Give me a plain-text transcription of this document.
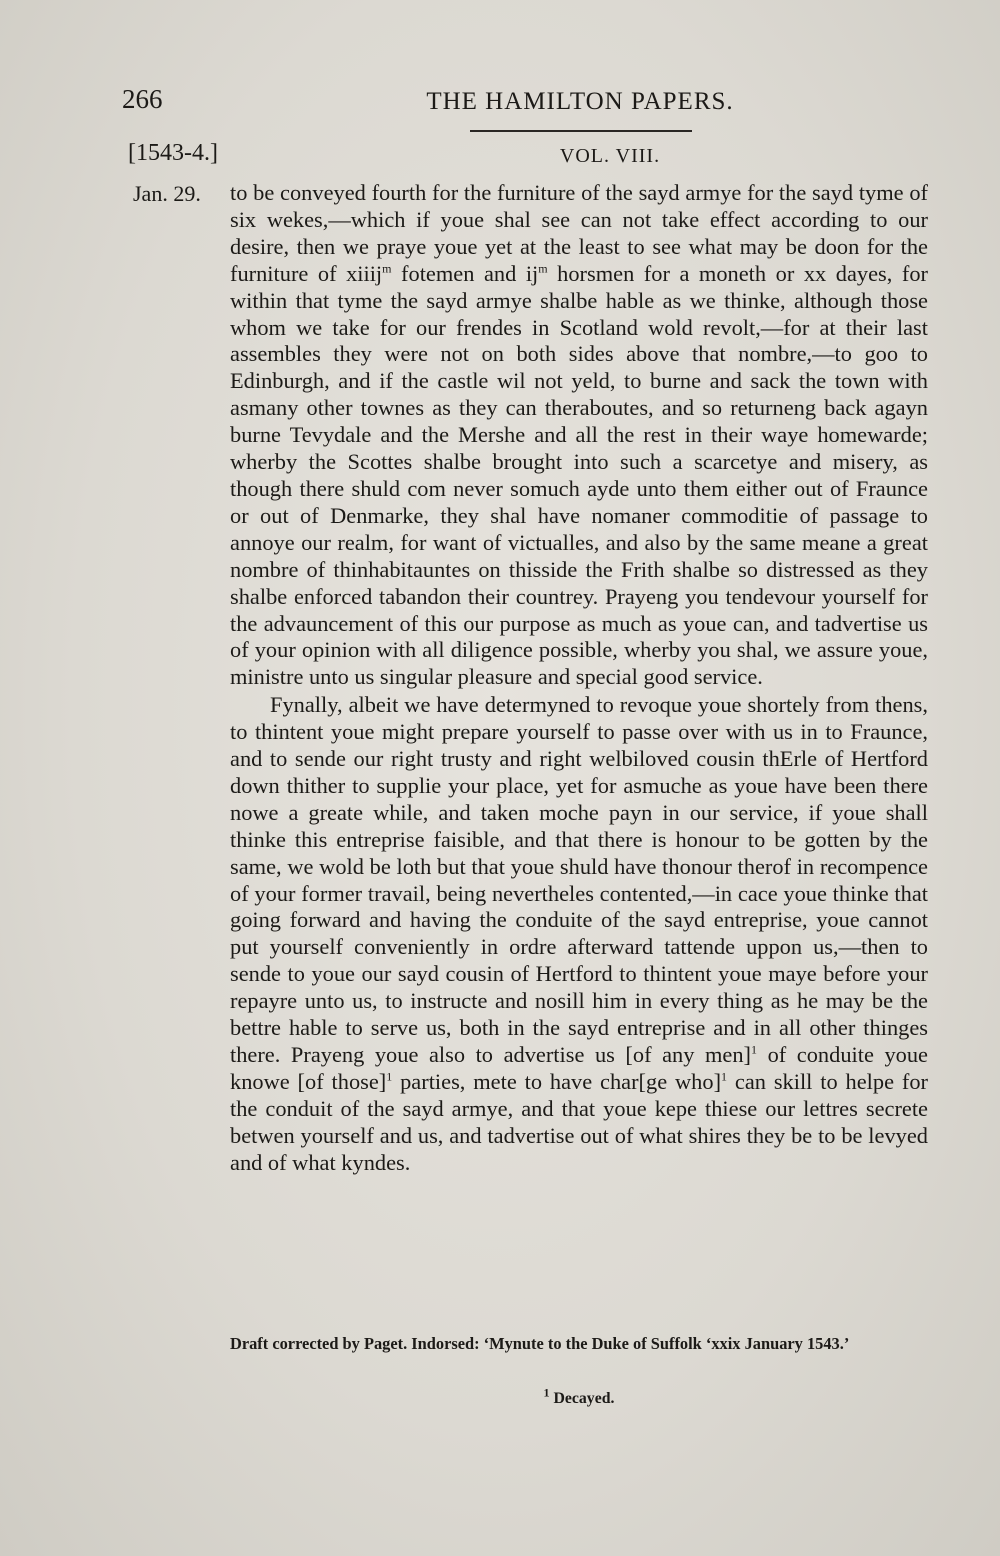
266	THE HAMILTON PAPERS.
[1543-4.]	VOL. VIII.
Jan. 29. to be conveyed fourth for the furniture of the sayd armye for the sayd tyme of six wekes,—which if youe shal see can not take effect according to our desire, then we praye youe yet at the least to see what may be doon for the furniture of xiiij$^m$ fotemen and $ij^m$ horsmen for a moneth or xx dayes, for within that tyme the sayd armye shalbe hable as we thinke, although those whom we take for our frendes in Scotland wold revolt,—for at their last assembles they were not on both sides above that nombre,—to goo to Edinburgh, and if the castle wil not yeld, to burne and sack the town with asmany other townes as they can theraboutes, and so returneng back agayn burne Tevydale and the Mershe and all the rest in their waye homewarde; wherby the Scottes shalbe brought into such a scarcetye and misery, as though there shuld com never somuch ayde unto them either out of Fraunce or out of Denmarke, they shal have nomaner commoditie of passage to annoye our realm, for want of victualles, and also by the same meane a great nombre of thinhabitauntes on thisside the Frith shalbe so distressed as they shalbe enforced tabandon their countrey. Prayeng you tendevour yourself for the advauncement of this our purpose as much as youe can, and tadvertise us of your opinion with all diligence possible, wherby you shal, we assure youe, ministre unto us singular pleasure and special good service.

Fynally, albeit we have determyned to revoque youe shortely from thens, to thintent youe might prepare yourself to passe over with us in to Fraunce, and to sende our right trusty and right welbiloved cousin thErle of Hertford down thither to supplie your place, yet for asmuche as youe have been there nowe a greate while, and taken moche payn in our service, if youe shall thinke this entreprise faisible, and that there is honour to be gotten by the same, we wold be loth but that youe shuld have thonour therof in recompence of your former travail, being nevertheles contented,—in cace youe thinke that going forward and having the conduite of the sayd entreprise, youe cannot put yourself conveniently in ordre afterward tattende uppon us,—then to sende to youe our sayd cousin of Hertford to thintent youe maye before your repayre unto us, to instructe and nosill him in every thing as he may be the bettre hable to serve us, both in the sayd entreprise and in all other thinges there. Prayeng youe also to advertise us [of any men]$^1$ of conduite youe knowe [of those]$^1$ parties, mete to have char[ge who]$^1$ can skill to helpe for the conduit of the sayd armye, and that youe kepe thiese our lettres secrete betwen yourself and us, and tadvertise out of what shires they be to be levyed and of what kyndes.

Draft corrected by Paget. Indorsed: ‘Mynute to the Duke of Suffolk ‘xxix January 1543.’
$^1$ Decayed.
